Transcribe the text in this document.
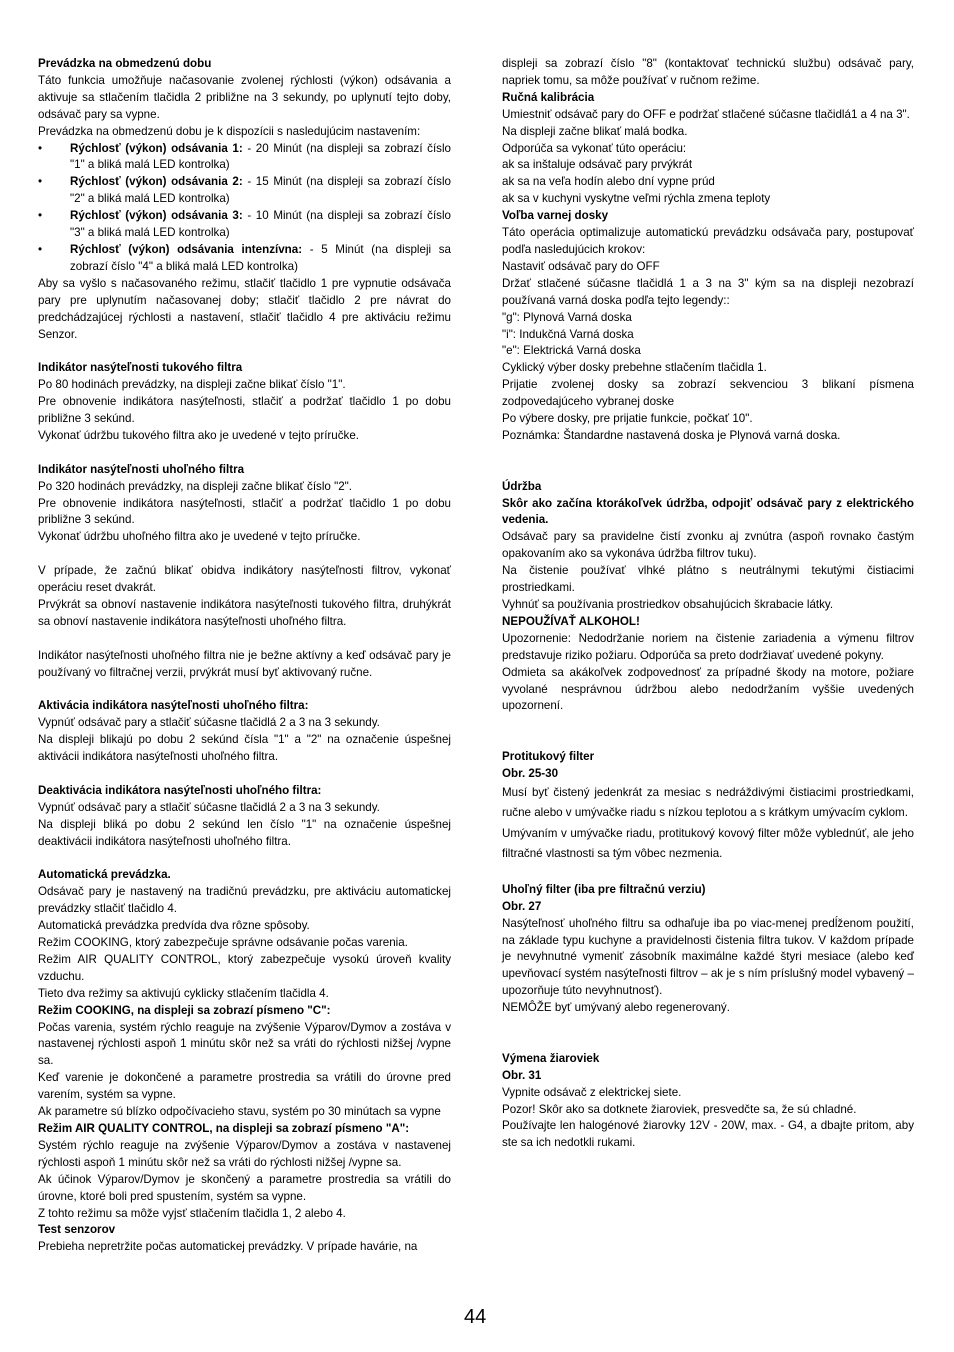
Prevádzka na obmedzenú dobu

Táto funkcia umožňuje načasovanie zvolenej rýchlosti (výkon) odsávania a aktivuje sa stlačením tlačidla 2 približne na 3 sekundy, po uplynutí tejto doby, odsávač pary sa vypne.

Prevádzka na obmedzenú dobu je k dispozícii s nasledujúcim nastavením:

• Rýchlosť (výkon) odsávania 1: - 20 Minút (na displeji sa zobrazí číslo "1" a bliká malá LED kontrolka)
• Rýchlosť (výkon) odsávania 2: - 15 Minút (na displeji sa zobrazí číslo "2" a bliká malá LED kontrolka)
• Rýchlosť (výkon) odsávania 3: - 10 Minút (na displeji sa zobrazí číslo "3" a bliká malá LED kontrolka)
• Rýchlosť (výkon) odsávania intenzívna: - 5 Minút (na displeji sa zobrazí číslo "4" a bliká malá LED kontrolka)

Aby sa vyšlo s načasovaného režimu, stlačiť tlačidlo 1 pre vypnutie odsávača pary pre uplynutím načasovanej doby; stlačiť tlačidlo 2 pre návrat do predchádzajúcej rýchlosti a nastavení, stlačiť tlačidlo 4 pre aktiváciu režimu Senzor.

Indikátor nasýteľnosti tukového filtra

Po 80 hodinách prevádzky, na displeji začne blikať číslo "1".

Pre obnovenie indikátora nasýteľnosti, stlačiť a podržať tlačidlo 1 po dobu približne 3 sekúnd.

Vykonať údržbu tukového filtra ako je uvedené v tejto príručke.

Indikátor nasýteľnosti uhoľného filtra

Po 320 hodinách prevádzky, na displeji začne blikať číslo "2".

Pre obnovenie indikátora nasýteľnosti, stlačiť a podržať tlačidlo 1 po dobu približne 3 sekúnd.

Vykonať údržbu uhoľného filtra ako je uvedené v tejto príručke.

V prípade, že začnú blikať obidva indikátory nasýteľnosti filtrov, vykonať operáciu reset dvakrát.

Prvýkrát sa obnoví nastavenie indikátora nasýteľnosti tukového filtra, druhýkrát sa obnoví nastavenie indikátora nasýteľnosti uhoľného filtra.

Indikátor nasýteľnosti uhoľného filtra nie je bežne aktívny a keď odsávač pary je používaný vo filtračnej verzii, prvýkrát musí byť aktivovaný ručne.

Aktivácia indikátora nasýteľnosti uhoľného filtra:

Vypnúť odsávač pary a stlačiť súčasne tlačidlá 2 a 3 na 3 sekundy.

Na displeji blikajú po dobu 2 sekúnd čísla "1" a "2" na označenie úspešnej aktivácii indikátora nasýteľnosti uhoľného filtra.

Deaktivácia indikátora nasýteľnosti uhoľného filtra:

Vypnúť odsávač pary a stlačiť súčasne tlačidlá 2 a 3 na 3 sekundy.

Na displeji bliká po dobu 2 sekúnd len číslo "1" na označenie úspešnej deaktivácii indikátora nasýteľnosti uhoľného filtra.

Automatická prevádzka.

Odsávač pary je nastavený na tradičnú prevádzku, pre aktiváciu automatickej prevádzky stlačiť tlačidlo 4.

Automatická prevádzka predvída dva rôzne spôsoby.

Režim COOKING, ktorý zabezpečuje správne odsávanie počas varenia.

Režim AIR QUALITY CONTROL, ktorý zabezpečuje vysokú úroveň kvality vzduchu.

Tieto dva režimy sa aktivujú cyklicky stlačením tlačidla 4.

Režim COOKING, na displeji sa zobrazí písmeno "C":

Počas varenia, systém rýchlo reaguje na zvýšenie Výparov/Dymov a zostáva v nastavenej rýchlosti aspoň 1 minútu skôr než sa vráti do rýchlosti nižšej /vypne sa.

Keď varenie je dokončené a parametre prostredia sa vrátili do úrovne pred varením, systém sa vypne.

Ak parametre sú blízko odpočívacieho stavu, systém po 30 minútach sa vypne

Režim AIR QUALITY CONTROL, na displeji sa zobrazí písmeno "A":

Systém rýchlo reaguje na zvýšenie Výparov/Dymov a zostáva v nastavenej rýchlosti aspoň 1 minútu skôr než sa vráti do rýchlosti nižšej /vypne sa.

Ak účinok Výparov/Dymov je skončený a parametre prostredia sa vrátili do úrovne, ktoré boli pred spustením, systém sa vypne.

Z tohto režimu sa môže vyjsť stlačením tlačidla 1, 2 alebo 4.

Test senzorov

Prebieha nepretržite počas automatickej prevádzky. V prípade havárie, na

displeji sa zobrazí číslo "8" (kontaktovať technickú službu) odsávač pary, napriek tomu, sa môže používať v ručnom režime.

Ručná kalibrácia

Umiestniť odsávač pary do OFF e podržať stlačené súčasne tlačidlá1 a 4 na 3".

Na displeji začne blikať malá bodka.

Odporúča sa vykonať túto operáciu:

ak sa inštaluje odsávač pary prvýkrát

ak sa na veľa hodín alebo dní vypne prúd

ak sa v kuchyni vyskytne veľmi rýchla zmena teploty

Voľba varnej dosky

Táto operácia optimalizuje automatickú prevádzku odsávača pary, postupovať podľa nasledujúcich krokov:

Nastaviť odsávač pary do OFF

Držať stlačené súčasne tlačidlá 1 a 3 na 3" kým sa na displeji nezobrazí používaná varná doska podľa tejto legendy::

"g": Plynová Varná doska

"i": Indukčná Varná doska

"e": Elektrická Varná doska

Cyklický výber dosky prebehne stlačením tlačidla 1.

Prijatie zvolenej dosky sa zobrazí sekvenciou 3 blikaní písmena zodpovedajúceho vybranej doske

Po výbere dosky, pre prijatie funkcie, počkať 10".

Poznámka: Štandardne nastavená doska je Plynová varná doska.

Údržba

Skôr ako začína ktorákoľvek údržba, odpojiť odsávač pary z elektrického vedenia.

Odsávač pary sa pravidelne čistí zvonku aj zvnútra (aspoň rovnako častým opakovaním ako sa vykonáva údržba filtrov tuku).

Na čistenie používať vlhké plátno s neutrálnymi tekutými čistiacimi prostriedkami.

Vyhnúť sa používania prostriedkov obsahujúcich škrabacie látky.

NEPOUŽÍVAŤ ALKOHOL!

Upozornenie: Nedodržanie noriem na čistenie zariadenia a výmenu filtrov predstavuje riziko požiaru. Odporúča sa preto dodržiavať uvedené pokyny.

Odmieta sa akákoľvek zodpovednosť za prípadné škody na motore, požiare vyvolané nesprávnou údržbou alebo nedodržaním vyššie uvedených upozornení.

Protitukový filter

Obr. 25-30

Musí byť čistený jedenkrát za mesiac s nedráždivými čistiacimi prostriedkami, ručne alebo v umývačke riadu s nízkou teplotou a s krátkym umývacím cyklom.

Umývaním v umývačke riadu, protitukový kovový filter môže vyblednúť, ale jeho filtračné vlastnosti sa tým vôbec nezmenia.

Uhoľný filter (iba pre filtračnú verziu)

Obr. 27

Nasýteľnosť uhoľného filtru sa odhaľuje iba po viac-menej predĺženom použití, na základe typu kuchyne a pravidelnosti čistenia filtra tukov. V každom prípade je nevyhnutné vymeniť zásobník maximálne každé štyri mesiace (alebo keď upevňovací systém nasýteľnosti filtrov – ak je s ním príslušný model vybavený – upozorňuje túto nevyhnutnosť).

NEMÔŽE byť umývaný alebo regenerovaný.

Výmena žiaroviek

Obr. 31

Vypnite odsávač z elektrickej siete.

Pozor! Skôr ako sa dotknete žiaroviek, presvedčte sa, že sú chladné.

Používajte len halogénové žiarovky 12V - 20W, max. - G4, a dbajte pritom, aby ste sa ich nedotkli rukami.

44
